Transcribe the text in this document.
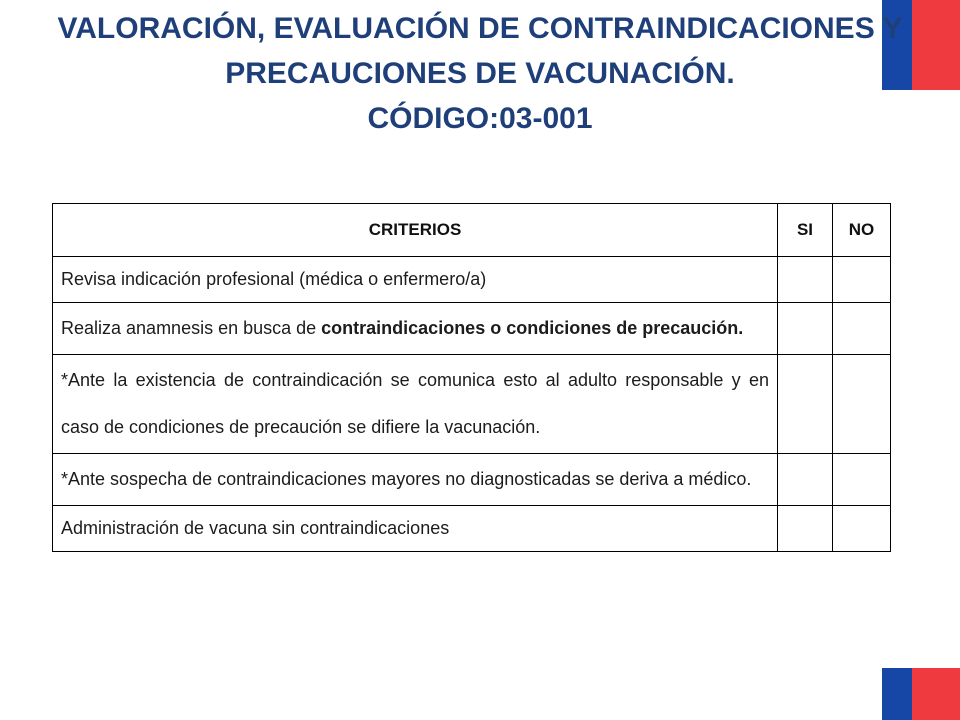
VALORACIÓN, EVALUACIÓN DE CONTRAINDICACIONES Y
PRECAUCIONES DE VACUNACIÓN.
CÓDIGO:03-001
CRITERIOS	SI	NO
Revisa indicación profesional (médica o enfermero/a)		
Realiza anamnesis en busca de contraindicaciones o condiciones de precaución.		
*Ante la existencia de contraindicación se comunica esto al adulto responsable y en caso de condiciones de precaución se difiere la vacunación.		
*Ante sospecha de contraindicaciones mayores no diagnosticadas se deriva a médico.		
Administración de vacuna sin contraindicaciones		
